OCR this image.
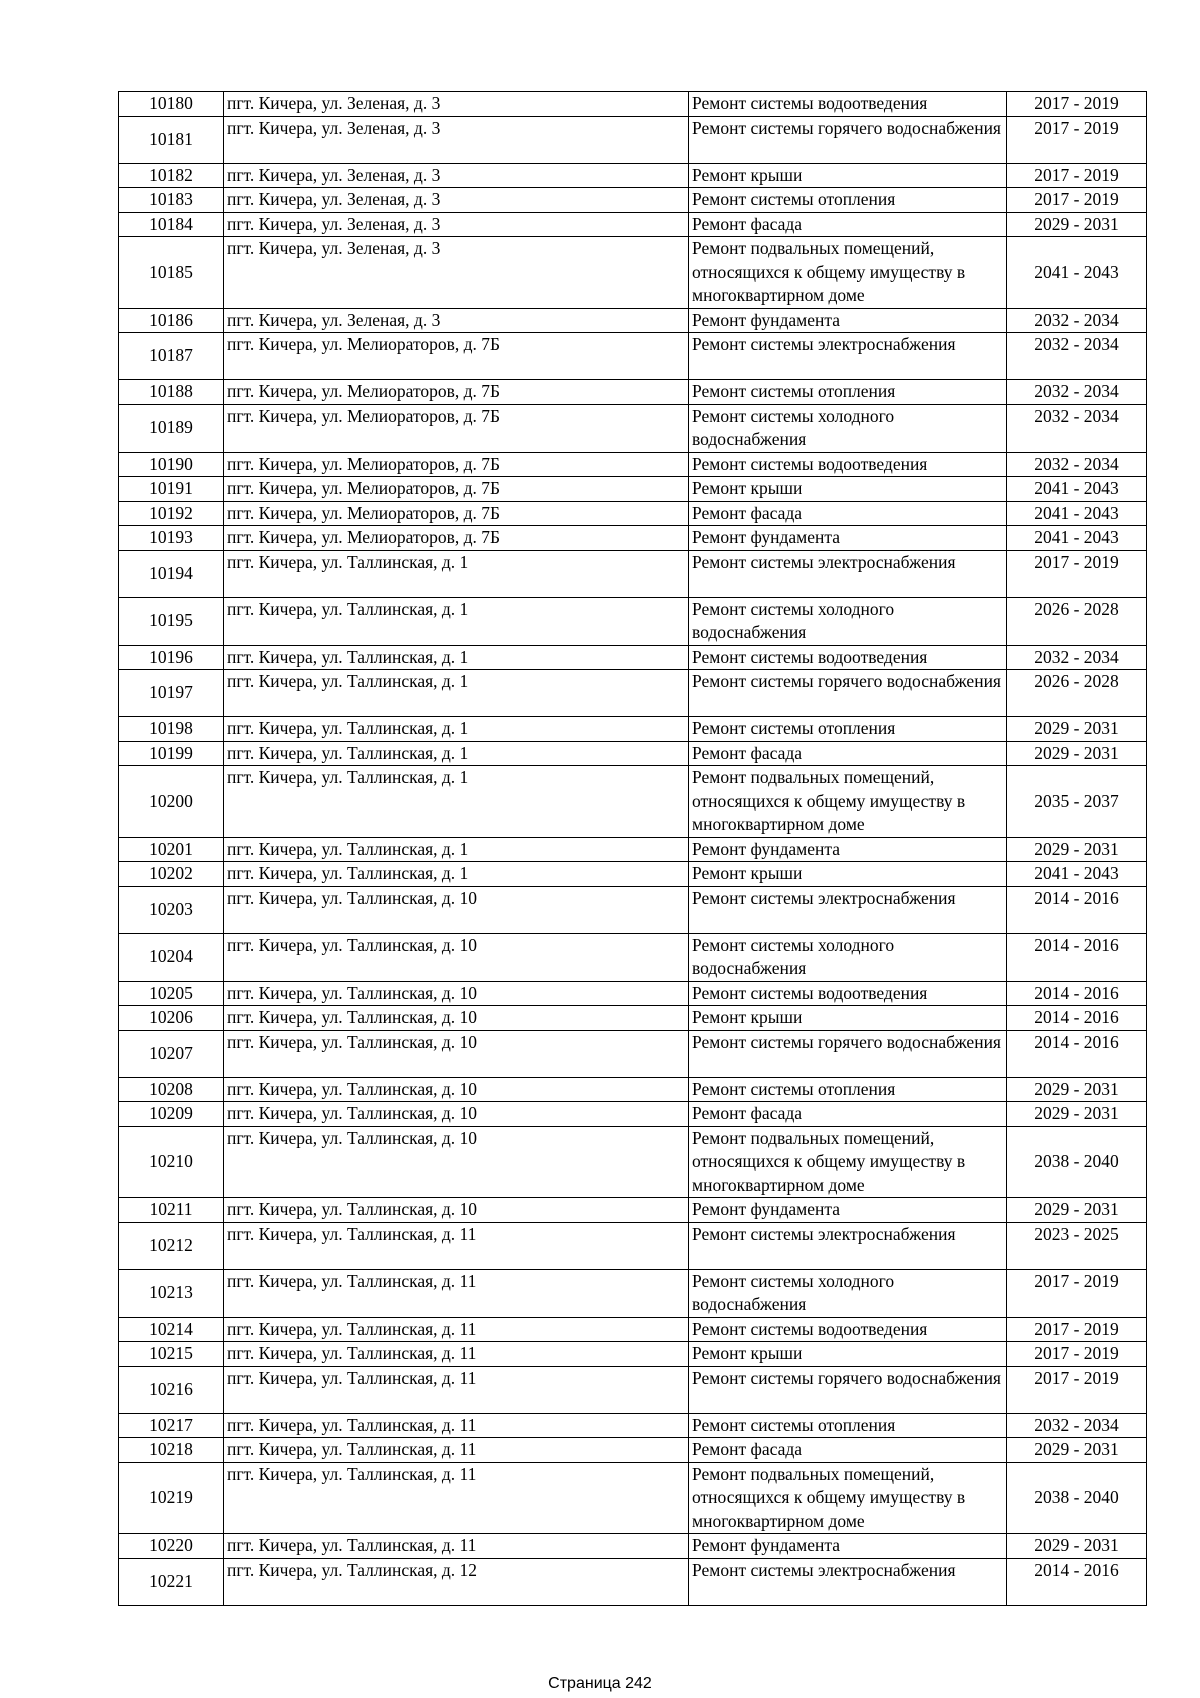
10180	пгт. Кичера, ул. Зеленая, д. 3	Ремонт системы водоотведения	2017 - 2019
10181	пгт. Кичера, ул. Зеленая, д. 3	Ремонт системы горячего водоснабжения	2017 - 2019
10182	пгт. Кичера, ул. Зеленая, д. 3	Ремонт крыши	2017 - 2019
10183	пгт. Кичера, ул. Зеленая, д. 3	Ремонт системы отопления	2017 - 2019
10184	пгт. Кичера, ул. Зеленая, д. 3	Ремонт фасада	2029 - 2031
10185	пгт. Кичера, ул. Зеленая, д. 3	Ремонт подвальных помещений, относящихся к общему имуществу в многоквартирном доме	2041 - 2043
10186	пгт. Кичера, ул. Зеленая, д. 3	Ремонт фундамента	2032 - 2034
10187	пгт. Кичера, ул. Мелиораторов, д. 7Б	Ремонт системы электроснабжения	2032 - 2034
10188	пгт. Кичера, ул. Мелиораторов, д. 7Б	Ремонт системы отопления	2032 - 2034
10189	пгт. Кичера, ул. Мелиораторов, д. 7Б	Ремонт системы холодного водоснабжения	2032 - 2034
10190	пгт. Кичера, ул. Мелиораторов, д. 7Б	Ремонт системы водоотведения	2032 - 2034
10191	пгт. Кичера, ул. Мелиораторов, д. 7Б	Ремонт крыши	2041 - 2043
10192	пгт. Кичера, ул. Мелиораторов, д. 7Б	Ремонт фасада	2041 - 2043
10193	пгт. Кичера, ул. Мелиораторов, д. 7Б	Ремонт фундамента	2041 - 2043
10194	пгт. Кичера, ул. Таллинская, д. 1	Ремонт системы электроснабжения	2017 - 2019
10195	пгт. Кичера, ул. Таллинская, д. 1	Ремонт системы холодного водоснабжения	2026 - 2028
10196	пгт. Кичера, ул. Таллинская, д. 1	Ремонт системы водоотведения	2032 - 2034
10197	пгт. Кичера, ул. Таллинская, д. 1	Ремонт системы горячего водоснабжения	2026 - 2028
10198	пгт. Кичера, ул. Таллинская, д. 1	Ремонт системы отопления	2029 - 2031
10199	пгт. Кичера, ул. Таллинская, д. 1	Ремонт фасада	2029 - 2031
10200	пгт. Кичера, ул. Таллинская, д. 1	Ремонт подвальных помещений, относящихся к общему имуществу в многоквартирном доме	2035 - 2037
10201	пгт. Кичера, ул. Таллинская, д. 1	Ремонт фундамента	2029 - 2031
10202	пгт. Кичера, ул. Таллинская, д. 1	Ремонт крыши	2041 - 2043
10203	пгт. Кичера, ул. Таллинская, д. 10	Ремонт системы электроснабжения	2014 - 2016
10204	пгт. Кичера, ул. Таллинская, д. 10	Ремонт системы холодного водоснабжения	2014 - 2016
10205	пгт. Кичера, ул. Таллинская, д. 10	Ремонт системы водоотведения	2014 - 2016
10206	пгт. Кичера, ул. Таллинская, д. 10	Ремонт крыши	2014 - 2016
10207	пгт. Кичера, ул. Таллинская, д. 10	Ремонт системы горячего водоснабжения	2014 - 2016
10208	пгт. Кичера, ул. Таллинская, д. 10	Ремонт системы отопления	2029 - 2031
10209	пгт. Кичера, ул. Таллинская, д. 10	Ремонт фасада	2029 - 2031
10210	пгт. Кичера, ул. Таллинская, д. 10	Ремонт подвальных помещений, относящихся к общему имуществу в многоквартирном доме	2038 - 2040
10211	пгт. Кичера, ул. Таллинская, д. 10	Ремонт фундамента	2029 - 2031
10212	пгт. Кичера, ул. Таллинская, д. 11	Ремонт системы электроснабжения	2023 - 2025
10213	пгт. Кичера, ул. Таллинская, д. 11	Ремонт системы холодного водоснабжения	2017 - 2019
10214	пгт. Кичера, ул. Таллинская, д. 11	Ремонт системы водоотведения	2017 - 2019
10215	пгт. Кичера, ул. Таллинская, д. 11	Ремонт крыши	2017 - 2019
10216	пгт. Кичера, ул. Таллинская, д. 11	Ремонт системы горячего водоснабжения	2017 - 2019
10217	пгт. Кичера, ул. Таллинская, д. 11	Ремонт системы отопления	2032 - 2034
10218	пгт. Кичера, ул. Таллинская, д. 11	Ремонт фасада	2029 - 2031
10219	пгт. Кичера, ул. Таллинская, д. 11	Ремонт подвальных помещений, относящихся к общему имуществу в многоквартирном доме	2038 - 2040
10220	пгт. Кичера, ул. Таллинская, д. 11	Ремонт фундамента	2029 - 2031
10221	пгт. Кичера, ул. Таллинская, д. 12	Ремонт системы электроснабжения	2014 - 2016
Страница 242
